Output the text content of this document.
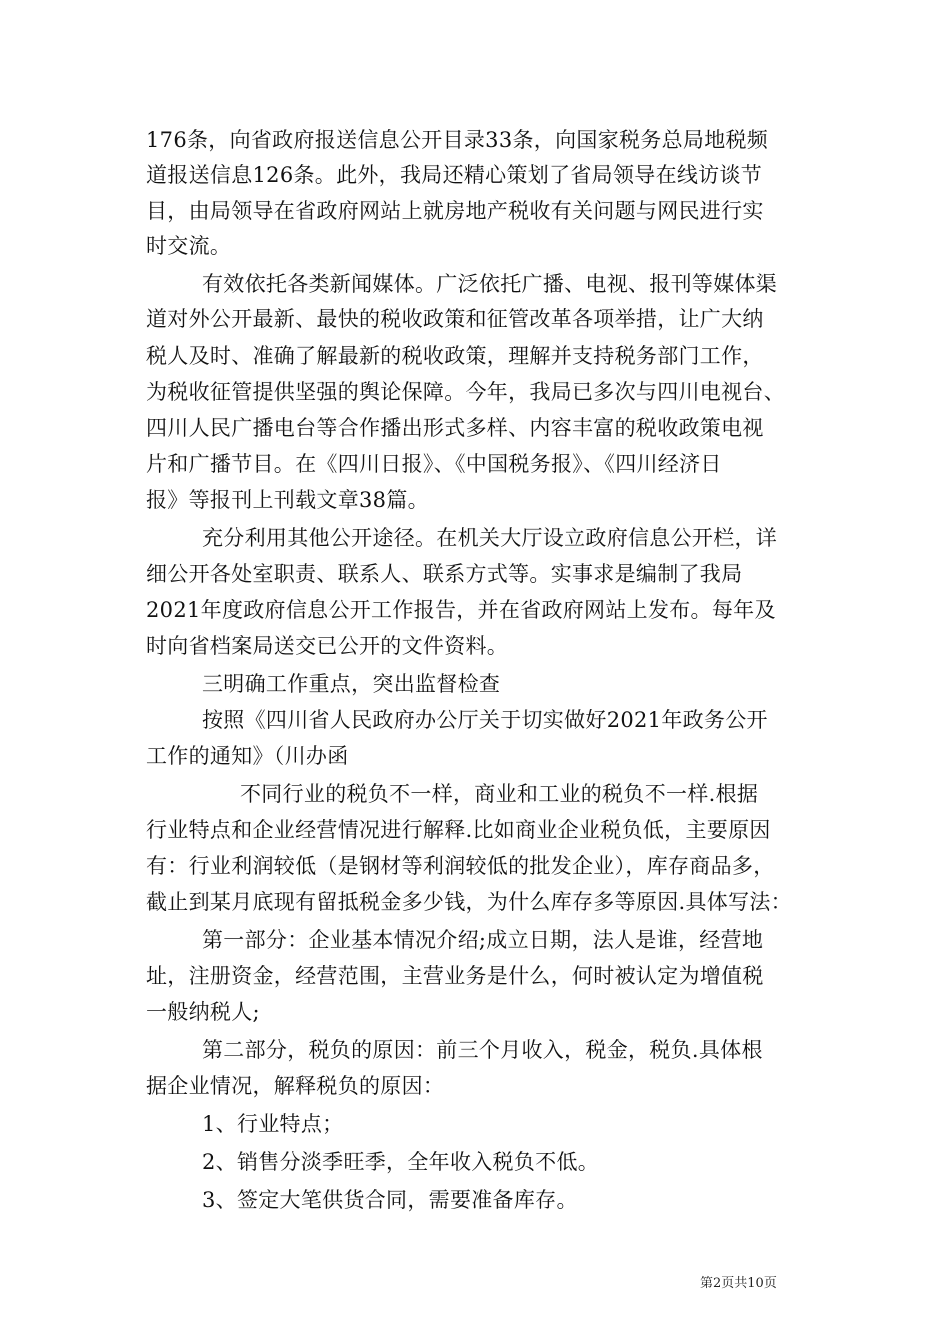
176条，向省政府报送信息公开目录33条，向国家税务总局地税频
道报送信息126条。此外，我局还精心策划了省局领导在线访谈节
目，由局领导在省政府网站上就房地产税收有关问题与网民进行实
时交流。
有效依托各类新闻媒体。广泛依托广播、电视、报刊等媒体渠
道对外公开最新、最快的税收政策和征管改革各项举措，让广大纳
税人及时、准确了解最新的税收政策，理解并支持税务部门工作，
为税收征管提供坚强的舆论保障。今年，我局已多次与四川电视台、
四川人民广播电台等合作播出形式多样、内容丰富的税收政策电视
片和广播节目。在《四川日报》、《中国税务报》、《四川经济日
报》等报刊上刊载文章38篇。
充分利用其他公开途径。在机关大厅设立政府信息公开栏，详
细公开各处室职责、联系人、联系方式等。实事求是编制了我局
2021年度政府信息公开工作报告，并在省政府网站上发布。每年及
时向省档案局送交已公开的文件资料。
三明确工作重点，突出监督检查
按照《四川省人民政府办公厅关于切实做好2021年政务公开
工作的通知》（川办函
不同行业的税负不一样，商业和工业的税负不一样.根据
行业特点和企业经营情况进行解释.比如商业企业税负低，主要原因
有：行业利润较低（是钢材等利润较低的批发企业），库存商品多，
截止到某月底现有留抵税金多少钱，为什么库存多等原因.具体写法：
第一部分：企业基本情况介绍;成立日期，法人是谁，经营地
址，注册资金，经营范围，主营业务是什么，何时被认定为增值税
一般纳税人;
第二部分，税负的原因：前三个月收入，税金，税负.具体根
据企业情况，解释税负的原因：
1、行业特点；
2、销售分淡季旺季，全年收入税负不低。
3、签定大笔供货合同，需要准备库存。
第2页共10页
